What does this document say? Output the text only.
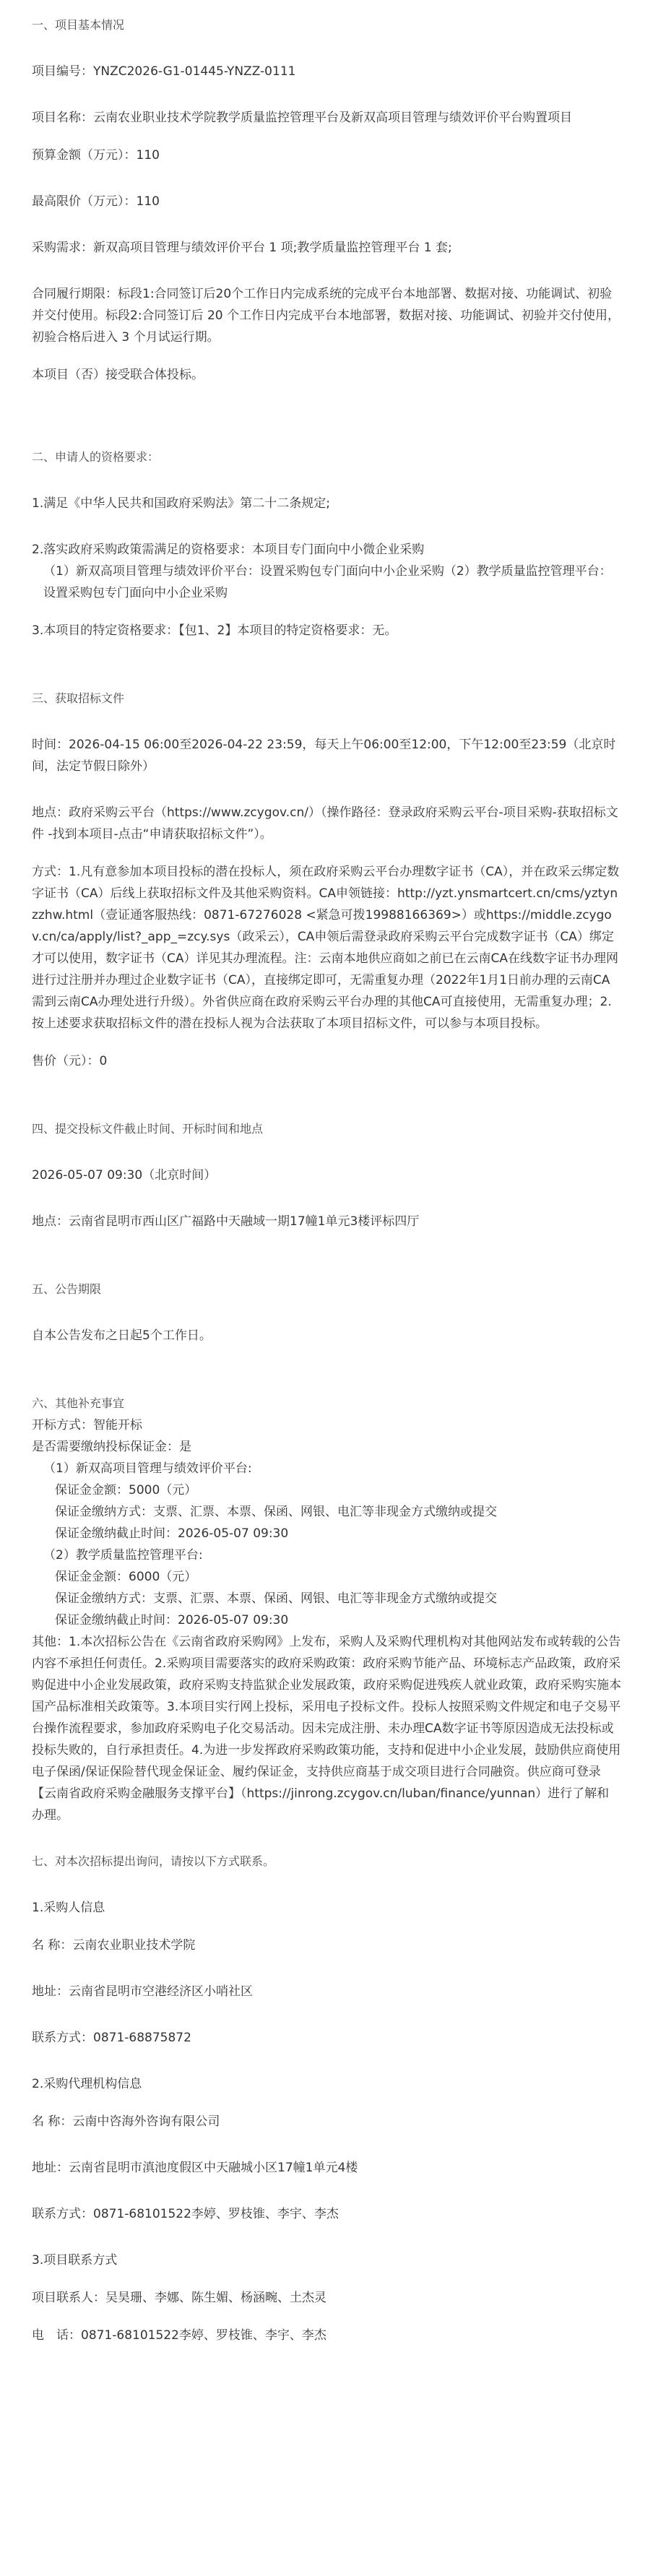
一、项目基本情况

项目编号：YNZC2026-G1-01445-YNZZ-0111

项目名称：云南农业职业技术学院教学质量监控管理平台及新双高项目管理与绩效评价平台购置项目

预算金额（万元）：110

最高限价（万元）：110

采购需求：新双高项目管理与绩效评价平台 1 项;教学质量监控管理平台 1 套;

合同履行期限：标段1:合同签订后20个工作日内完成系统的完成平台本地部署、数据对接、功能调试、初验并交付使用。标段2:合同签订后 20 个工作日内完成平台本地部署，数据对接、功能调试、初验并交付使用，初验合格后进入 3 个月试运行期。

本项目（否）接受联合体投标。

二、申请人的资格要求：

1.满足《中华人民共和国政府采购法》第二十二条规定;

2.落实政府采购政策需满足的资格要求：本项目专门面向中小微企业采购

（1）新双高项目管理与绩效评价平台：设置采购包专门面向中小企业采购（2）教学质量监控管理平台：设置采购包专门面向中小企业采购

3.本项目的特定资格要求：【包1、2】本项目的特定资格要求：无。

三、获取招标文件

时间：2026-04-15 06:00至2026-04-22 23:59，每天上午06:00至12:00，下午12:00至23:59（北京时间，法定节假日除外）

地点：政府采购云平台（https://www.zcygov.cn/）（操作路径：登录政府采购云平台-项目采购-获取招标文件 -找到本项目-点击“申请获取招标文件”）。

方式：1.凡有意参加本项目投标的潜在投标人，须在政府采购云平台办理数字证书（CA），并在政采云绑定数字证书（CA）后线上获取招标文件及其他采购资料。CA申领链接：http://yzt.ynsmartcert.cn/cms/yztynzzhw.html（壹证通客服热线：0871-67276028 <紧急可拨19988166369>）或https://middle.zcygov.cn/ca/apply/list?_app_=zcy.sys（政采云），CA申领后需登录政府采购云平台完成数字证书（CA）绑定才可以使用，数字证书（CA）详见其办理流程。注：云南本地供应商如之前已在云南CA在线数字证书办理网进行过注册并办理过企业数字证书（CA），直接绑定即可，无需重复办理（2022年1月1日前办理的云南CA需到云南CA办理处进行升级）。外省供应商在政府采购云平台办理的其他CA可直接使用，无需重复办理；2.按上述要求获取招标文件的潜在投标人视为合法获取了本项目招标文件，可以参与本项目投标。

售价（元）：0

四、提交投标文件截止时间、开标时间和地点

2026-05-07 09:30（北京时间）

地点：云南省昆明市西山区广福路中天融域一期17幢1单元3楼评标四厅

五、公告期限

自本公告发布之日起5个工作日。

六、其他补充事宜

开标方式：智能开标

是否需要缴纳投标保证金：是

（1）新双高项目管理与绩效评价平台:

保证金金额：5000（元）

保证金缴纳方式：支票、汇票、本票、保函、网银、电汇等非现金方式缴纳或提交

保证金缴纳截止时间：2026-05-07 09:30

（2）教学质量监控管理平台:

保证金金额：6000（元）

保证金缴纳方式：支票、汇票、本票、保函、网银、电汇等非现金方式缴纳或提交

保证金缴纳截止时间：2026-05-07 09:30

其他：1.本次招标公告在《云南省政府采购网》上发布，采购人及采购代理机构对其他网站发布或转载的公告内容不承担任何责任。2.采购项目需要落实的政府采购政策：政府采购节能产品、环境标志产品政策，政府采购促进中小企业发展政策，政府采购支持监狱企业发展政策，政府采购促进残疾人就业政策，政府采购实施本国产品标准相关政策等。3.本项目实行网上投标，采用电子投标文件。投标人按照采购文件规定和电子交易平台操作流程要求，参加政府采购电子化交易活动。因未完成注册、未办理CA数字证书等原因造成无法投标或投标失败的，自行承担责任。4.为进一步发挥政府采购政策功能，支持和促进中小企业发展，鼓励供应商使用电子保函/保证保险替代现金保证金、履约保证金，支持供应商基于成交项目进行合同融资。供应商可登录【云南省政府采购金融服务支撑平台】（https://jinrong.zcygov.cn/luban/finance/yunnan）进行了解和办理。

七、对本次招标提出询问，请按以下方式联系。

1.采购人信息

名 称：云南农业职业技术学院

地址：云南省昆明市空港经济区小哨社区

联系方式：0871-68875872

2.采购代理机构信息

名 称：云南中咨海外咨询有限公司

地址：云南省昆明市滇池度假区中天融城小区17幢1单元4楼

联系方式：0871-68101522李婷、罗枝锥、李宇、李杰

3.项目联系方式

项目联系人：吴昊珊、李娜、陈生媚、杨涵畹、土杰灵

电　话：0871-68101522李婷、罗枝锥、李宇、李杰
